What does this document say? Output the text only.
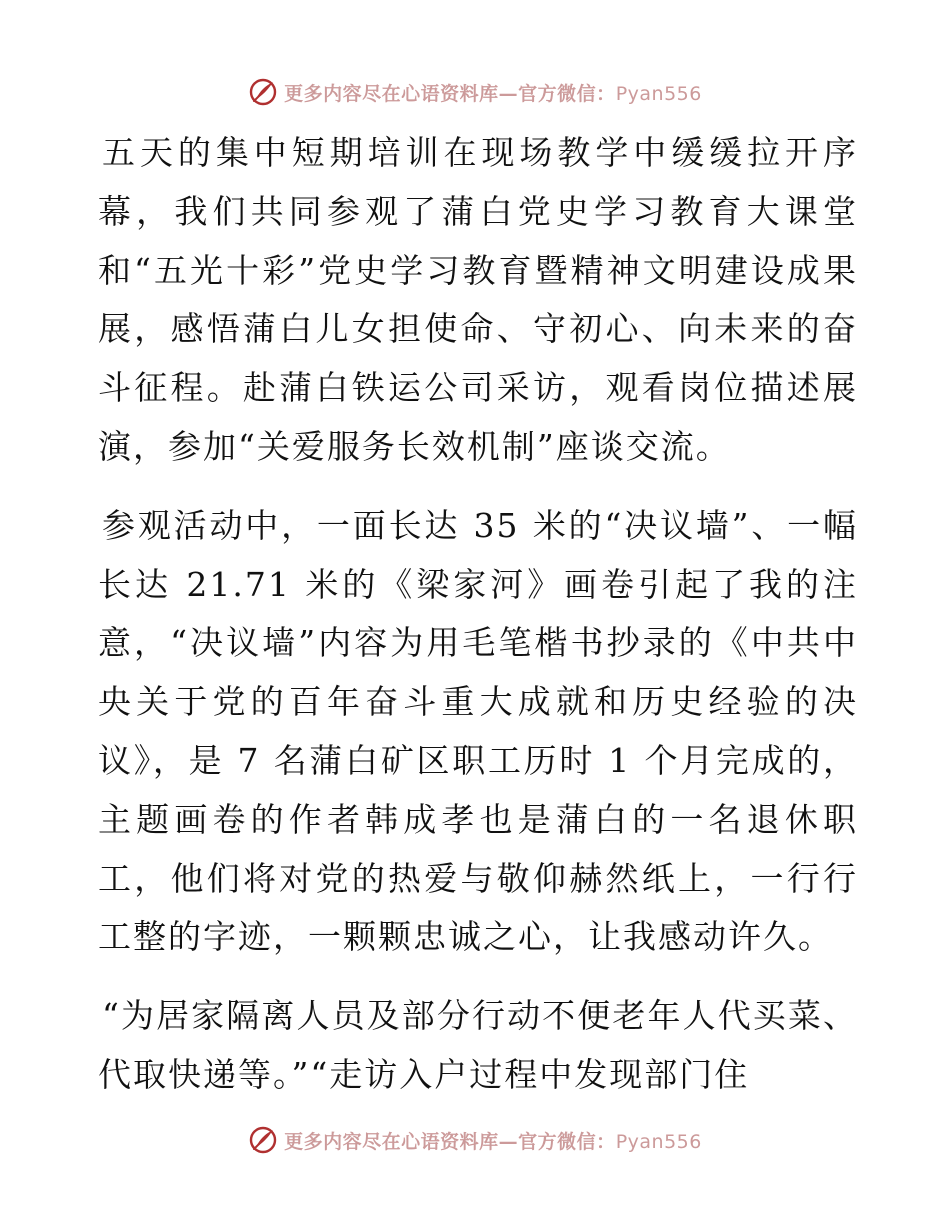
更多内容尽在心语资料库—官方微信：Pyan556

五天的集中短期培训在现场教学中缓缓拉开序幕，我们共同参观了蒲白党史学习教育大课堂和“五光十彩”党史学习教育暨精神文明建设成果展，感悟蒲白儿女担使命、守初心、向未来的奋斗征程。赴蒲白铁运公司采访，观看岗位描述展演，参加“关爱服务长效机制”座谈交流。

参观活动中，一面长达 35 米的“决议墙”、一幅长达 21.71 米的《梁家河》画卷引起了我的注意，“决议墙”内容为用毛笔楷书抄录的《中共中央关于党的百年奋斗重大成就和历史经验的决议》，是 7 名蒲白矿区职工历时 1 个月完成的，主题画卷的作者韩成孝也是蒲白的一名退休职工，他们将对党的热爱与敬仰赫然纸上，一行行工整的字迹，一颗颗忠诚之心，让我感动许久。

“为居家隔离人员及部分行动不便老年人代买菜、代取快递等。”“走访入户过程中发现部门住

更多内容尽在心语资料库—官方微信：Pyan556
